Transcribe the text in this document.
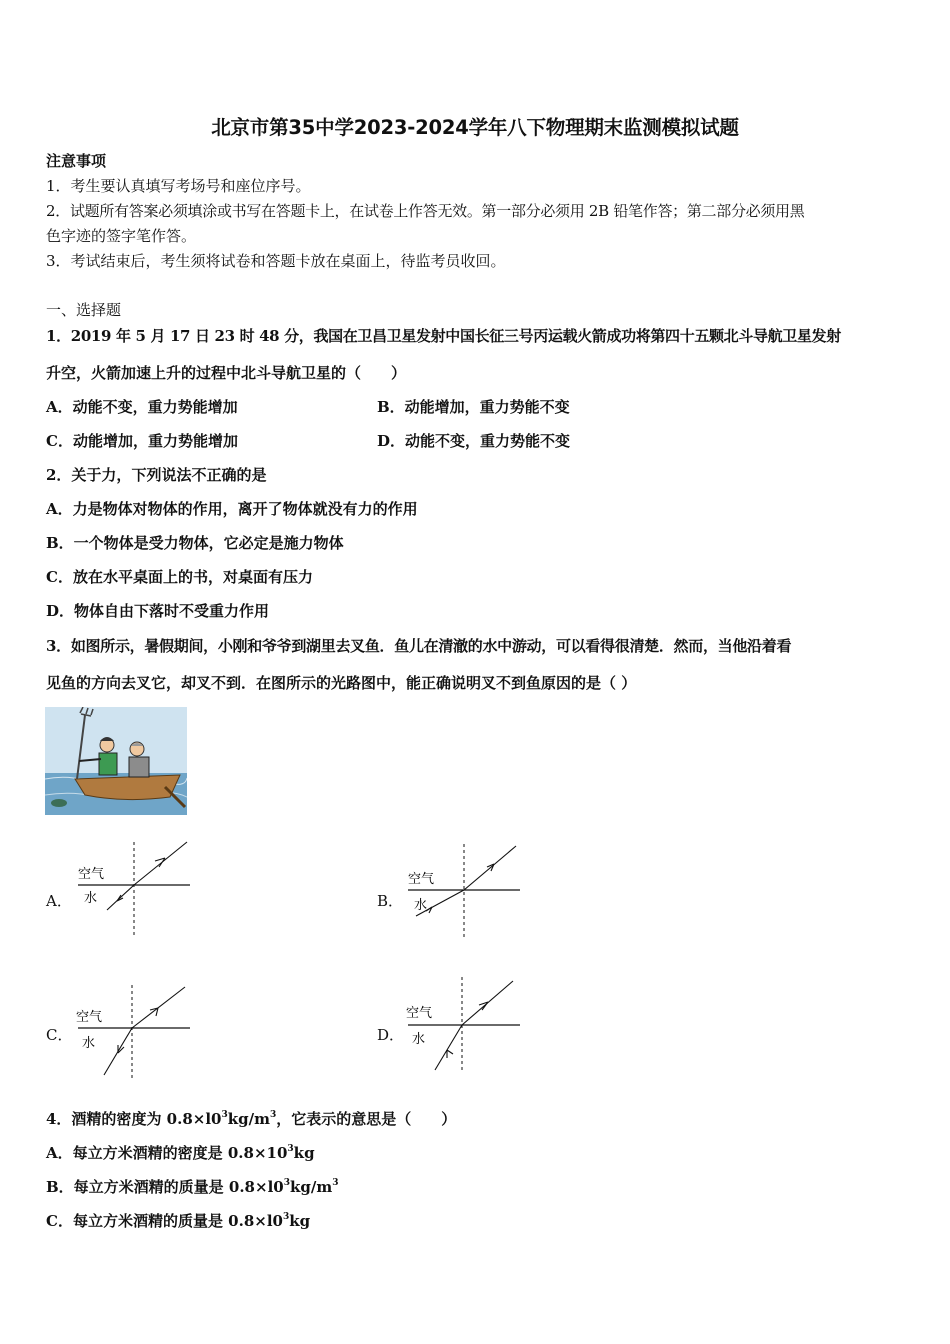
北京市第35中学2023-2024学年八下物理期末监测模拟试题
注意事项
1．考生要认真填写考场号和座位序号。
2．试题所有答案必须填涂或书写在答题卡上，在试卷上作答无效。第一部分必须用 2B 铅笔作答；第二部分必须用黑
色字迹的签字笔作答。
3．考试结束后，考生须将试卷和答题卡放在桌面上，待监考员收回。
一、选择题
1．2019 年 5 月 17 日 23 时 48 分，我国在卫昌卫星发射中国长征三号丙运载火箭成功将第四十五颗北斗导航卫星发射
升空，火箭加速上升的过程中北斗导航卫星的（　　）
A．动能不变，重力势能增加	B．动能增加，重力势能不变
C．动能增加，重力势能增加	D．动能不变，重力势能不变
2．关于力，下列说法不正确的是
A．力是物体对物体的作用，离开了物体就没有力的作用
B．一个物体是受力物体，它必定是施力物体
C．放在水平桌面上的书，对桌面有压力
D．物体自由下落时不受重力作用
3．如图所示，暑假期间，小刚和爷爷到湖里去叉鱼．鱼儿在清澈的水中游动，可以看得很清楚．然而，当他沿着看
见鱼的方向去叉它，却叉不到．在图所示的光路图中，能正确说明叉不到鱼原因的是（ ）
A．	B．
C．	D．
空气
水
空气
水
空气
水
空气
水
4．酒精的密度为 $0.8\times l0^3kg/m^3$，它表示的意思是（　　）
A．每立方米酒精的密度是 $0.8\times 10^3kg$
B．每立方米酒精的质量是 $0.8\times l0^3kg/m^3$
C．每立方米酒精的质量是 $0.8\times l0^3kg$
